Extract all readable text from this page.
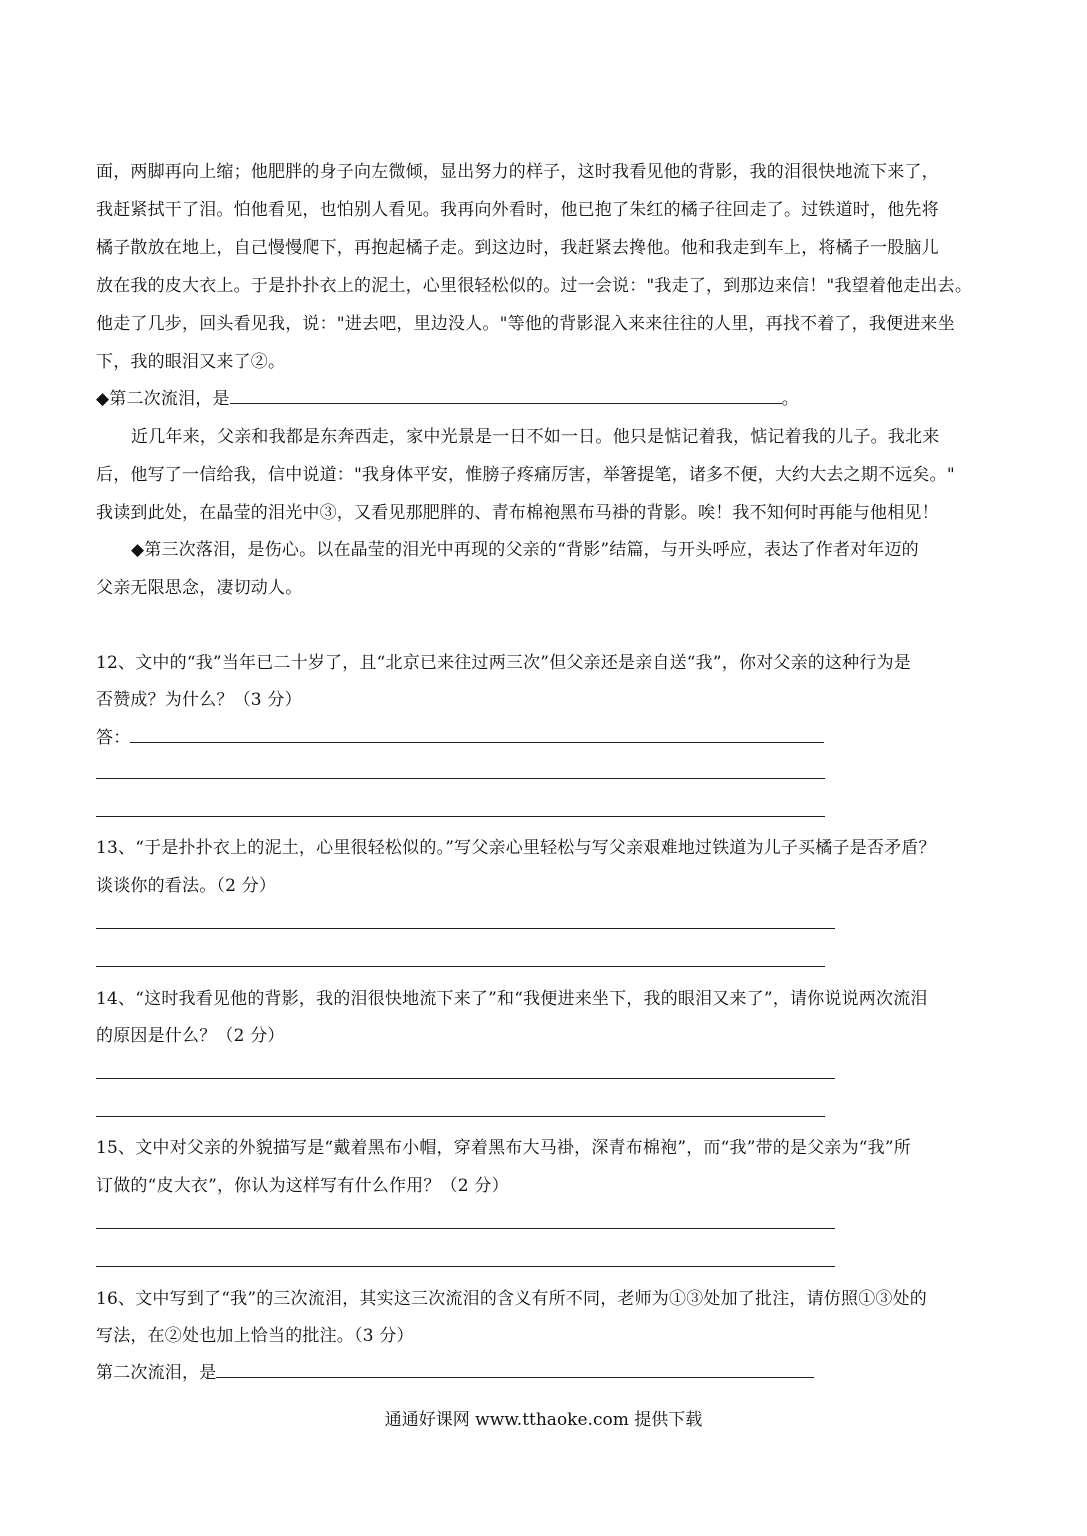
面，两脚再向上缩；他肥胖的身子向左微倾，显出努力的样子，这时我看见他的背影，我的泪很快地流下来了，
我赶紧拭干了泪。怕他看见，也怕别人看见。我再向外看时，他已抱了朱红的橘子往回走了。过铁道时，他先将
橘子散放在地上，自己慢慢爬下，再抱起橘子走。到这边时，我赶紧去搀他。他和我走到车上，将橘子一股脑儿
放在我的皮大衣上。于是扑扑衣上的泥土，心里很轻松似的。过一会说："我走了，到那边来信！"我望着他走出去。
他走了几步，回头看见我，说："进去吧，里边没人。"等他的背影混入来来往往的人里，再找不着了，我便进来坐
下，我的眼泪又来了②。
◆第二次流泪，是	。
近几年来，父亲和我都是东奔西走，家中光景是一日不如一日。他只是惦记着我，惦记着我的儿子。我北来
后，他写了一信给我，信中说道："我身体平安，惟膀子疼痛厉害，举箸提笔，诸多不便，大约大去之期不远矣。"
我读到此处，在晶莹的泪光中③，又看见那肥胖的、青布棉袍黑布马褂的背影。唉！我不知何时再能与他相见！
◆第三次落泪，是伤心。以在晶莹的泪光中再现的父亲的“背影”结篇，与开头呼应，表达了作者对年迈的
父亲无限思念，凄切动人。
12、文中的“我”当年已二十岁了，且“北京已来往过两三次”但父亲还是亲自送“我”，你对父亲的这种行为是
否赞成？为什么？（3 分）
答：
13、“于是扑扑衣上的泥土，心里很轻松似的。”写父亲心里轻松与写父亲艰难地过铁道为儿子买橘子是否矛盾？
谈谈你的看法。（2 分）
14、“这时我看见他的背影，我的泪很快地流下来了”和“我便进来坐下，我的眼泪又来了”，请你说说两次流泪
的原因是什么？（2 分）
15、文中对父亲的外貌描写是“戴着黑布小帽，穿着黑布大马褂，深青布棉袍”，而“我”带的是父亲为“我”所
订做的“皮大衣”，你认为这样写有什么作用？（2 分）
16、文中写到了“我”的三次流泪，其实这三次流泪的含义有所不同，老师为①③处加了批注，请仿照①③处的
写法，在②处也加上恰当的批注。（3 分）
第二次流泪，是
通通好课网 www.tthaoke.com 提供下载
